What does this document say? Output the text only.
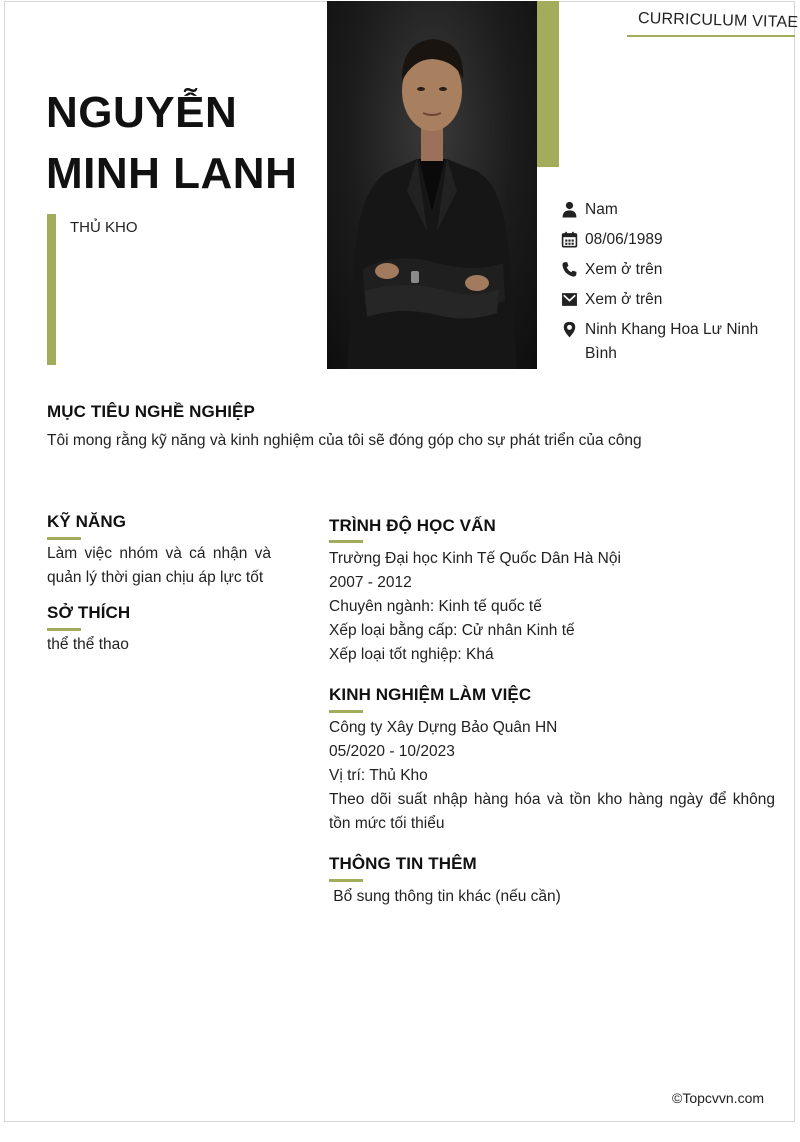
CURRICULUM VITAE
NGUYỄN
MINH LANH
THỦ KHO
Nam
08/06/1989
Xem ở trên
Xem ở trên
Ninh Khang Hoa Lư Ninh Bình
MỤC TIÊU NGHỀ NGHIỆP
Tôi mong rằng kỹ năng và kinh nghiệm của tôi sẽ đóng góp cho sự phát triển của công
KỸ NĂNG
Làm việc nhóm và cá nhận và quản lý thời gian chịu áp lực tốt
SỞ THÍCH
thể thể thao
TRÌNH ĐỘ HỌC VẤN
Trường Đại học Kinh Tế Quốc Dân Hà Nội
2007 - 2012
Chuyên ngành: Kinh tế quốc tế
Xếp loại bằng cấp: Cử nhân Kinh tế
Xếp loại tốt nghiệp: Khá
KINH NGHIỆM LÀM VIỆC
Công ty Xây Dựng Bảo Quân HN
05/2020 - 10/2023
Vị trí: Thủ Kho
Theo dõi suất nhập hàng hóa và tồn kho hàng ngày để không tồn mức tối thiểu
THÔNG TIN THÊM
Bổ sung thông tin khác (nếu cần)
©Topcvvn.com
